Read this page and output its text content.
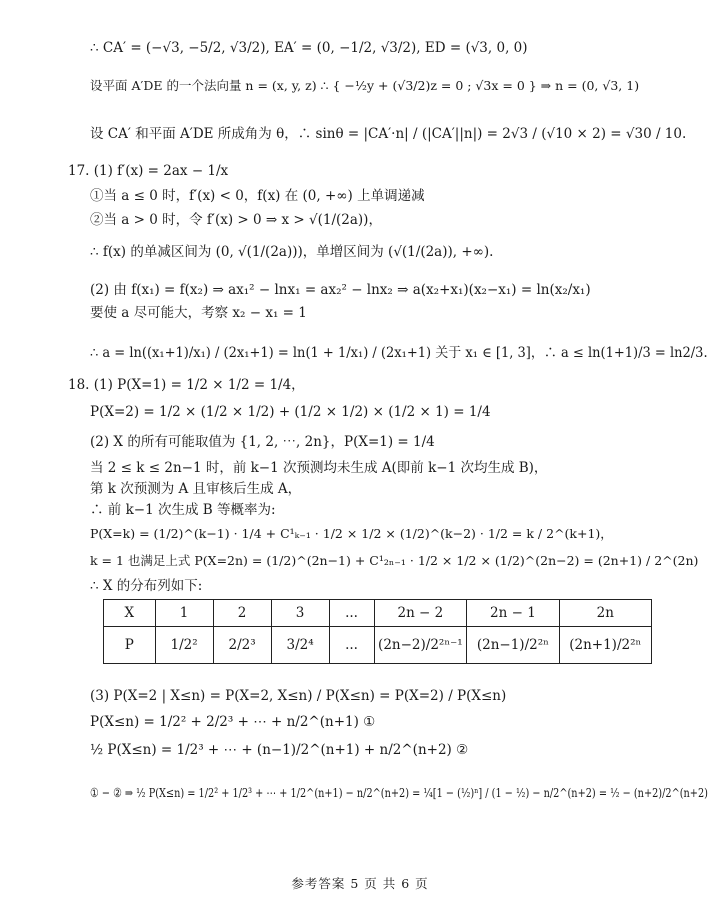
∴ CA′ = (−√3, −5/2, √3/2), EA′ = (0, −1/2, √3/2), ED = (√3, 0, 0)
设平面 A′DE 的一个法向量 n = (x, y, z) ∴ { −½y + (√3/2)z = 0 ; √3x = 0 } ⇒ n = (0, √3, 1)
设 CA′ 和平面 A′DE 所成角为 θ，∴ sinθ = |CA′·n| / (|CA′||n|) = 2√3 / (√10 × 2) = √30 / 10.
17. (1) f′(x) = 2ax − 1/x
①当 a ≤ 0 时，f′(x) < 0，f(x) 在 (0, +∞) 上单调递减
②当 a > 0 时，令 f′(x) > 0 ⇒ x > √(1/(2a))，
∴ f(x) 的单减区间为 (0, √(1/(2a)))，单增区间为 (√(1/(2a)), +∞).
(2) 由 f(x₁) = f(x₂) ⇒ ax₁² − lnx₁ = ax₂² − lnx₂ ⇒ a(x₂+x₁)(x₂−x₁) = ln(x₂/x₁)
要使 a 尽可能大，考察 x₂ − x₁ = 1
∴ a = ln((x₁+1)/x₁) / (2x₁+1) = ln(1 + 1/x₁) / (2x₁+1) 关于 x₁ ∈ [1, 3]，∴ a ≤ ln(1+1)/3 = ln2/3.
18. (1) P(X=1) = 1/2 × 1/2 = 1/4，
P(X=2) = 1/2 × (1/2 × 1/2) + (1/2 × 1/2) × (1/2 × 1) = 1/4
(2) X 的所有可能取值为 {1, 2, ⋯, 2n}，P(X=1) = 1/4
当 2 ≤ k ≤ 2n−1 时，前 k−1 次预测均未生成 A(即前 k−1 次均生成 B)，
第 k 次预测为 A 且审核后生成 A，
∴ 前 k−1 次生成 B 等概率为:
P(X=k) = (1/2)^(k−1) · 1/4 + C¹ₖ₋₁ · 1/2 × 1/2 × (1/2)^(k−2) · 1/2 = k / 2^(k+1)，
k = 1 也满足上式 P(X=2n) = (1/2)^(2n−1) + C¹₂ₙ₋₁ · 1/2 × 1/2 × (1/2)^(2n−2) = (2n+1) / 2^(2n)
∴ X 的分布列如下:
X	1	2	3	...	2n − 2	2n − 1	2n
P	1/2²	2/2³	3/2⁴	...	(2n−2)/2²ⁿ⁻¹	(2n−1)/2²ⁿ	(2n+1)/2²ⁿ
(3) P(X=2 | X≤n) = P(X=2, X≤n) / P(X≤n) = P(X=2) / P(X≤n)
P(X≤n) = 1/2² + 2/2³ + ⋯ + n/2^(n+1) ①
½ P(X≤n) = 1/2³ + ⋯ + (n−1)/2^(n+1) + n/2^(n+2) ②
① − ② ⇒ ½ P(X≤n) = 1/2² + 1/2³ + ⋯ + 1/2^(n+1) − n/2^(n+2) = ¼[1 − (½)ⁿ] / (1 − ½) − n/2^(n+2) = ½ − (n+2)/2^(n+2)
参考答案 5 页 共 6 页
